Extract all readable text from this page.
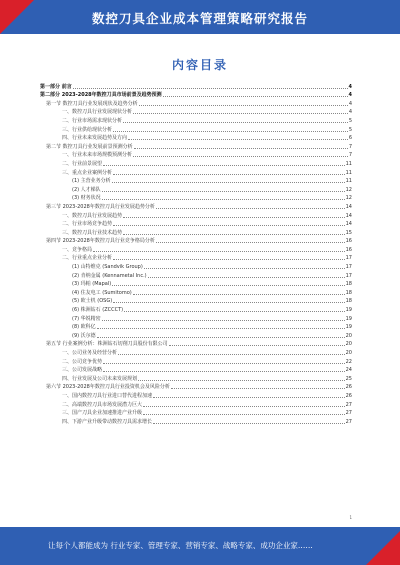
数控刀具企业成本管理策略研究报告
内容目录
第一部分 前言	4
第二部分 2023-2028年数控刀具市场前景及趋势预测	4
第一节 数控刀具行业发展现状及趋势分析	4
一、数控刀具行业发展现状分析	4
二、行业市场需求现状分析	5
三、行业供给现状分析	5
四、行业未来发展趋势及方向	6
第二节 数控刀具行业发展前景预测分析	7
一、行业未来市场规模预测分析	7
二、行业前景展望	11
三、重点企业案例分析	11
(1) 主营业务分析	11
(2) 人才梯队	12
(3) 财务状况	12
第三节 2023-2028年数控刀具行业发展趋势分析	14
一、数控刀具行业发展趋势	14
二、行业市场竞争趋势	14
三、数控刀具行业技术趋势	15
第四节 2023-2028年数控刀具行业竞争格局分析	16
一、竞争格局	16
二、行业重点企业分析	17
(1) 山特维克 (Sandvik Group)	17
(2) 肯纳金属 (Kennametal Inc.)	17
(3) 玛帕 (Mapal)	18
(4) 住友电工 (Sumitomo)	18
(5) 欧士机 (OSG)	18
(6) 株洲钻石 (ZCCCT)	19
(7) 华锐精密	19
(8) 欧科亿	19
(9) 沃尔德	20
第五节 行业案例分析：株洲钻石切削刀具股份有限公司	20
一、公司业务及经营分析	20
二、公司竞争优势	22
三、公司发展战略	24
四、行业发展及公司未来发展规划	25
第六节 2023-2028年数控刀具行业投资机会及风险分析	26
一、国内数控刀具行业进口替代进程加速	26
二、高端数控刀具市场发展潜力巨大	27
三、国产刀具企业加速推进产业升级	27
四、下游产业升级带动数控刀具需求增长	27
1
让每个人都能成为 行业专家、管理专家、营销专家、战略专家、成功企业家……
